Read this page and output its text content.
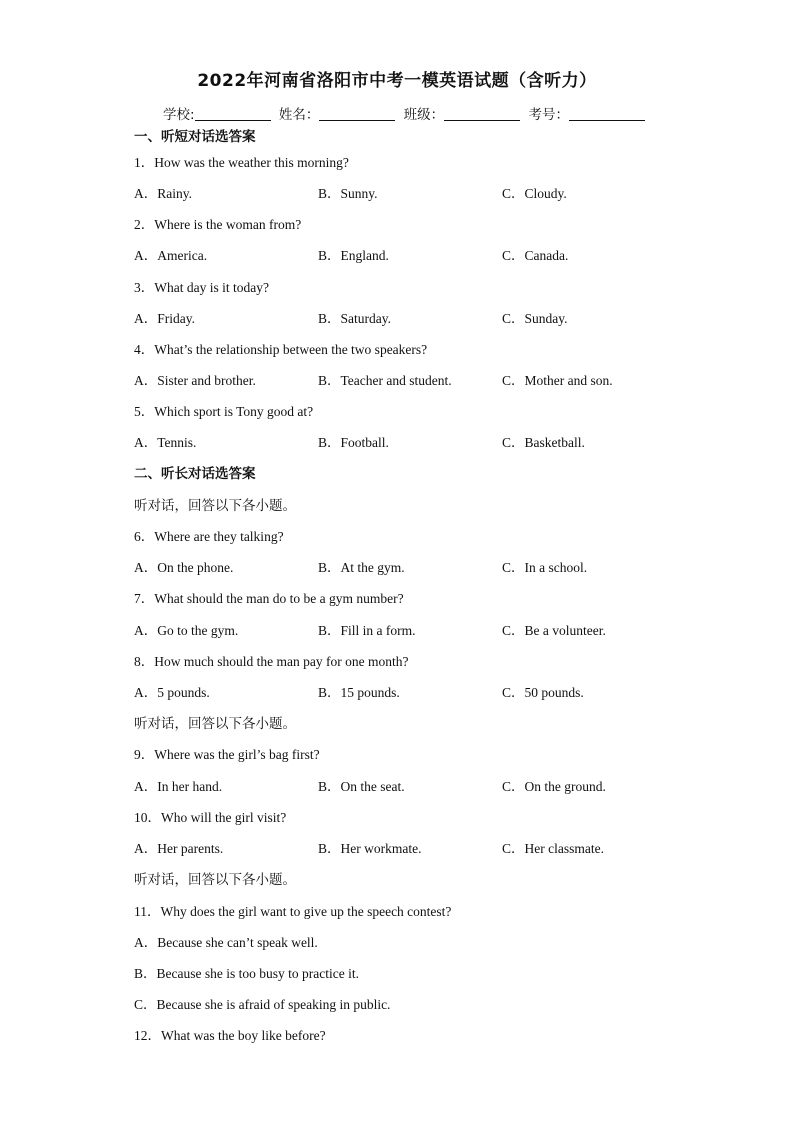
2022年河南省洛阳市中考一模英语试题（含听力）
学校:	姓名：	班级：	考号：
一、听短对话选答案
1．How was the weather this morning?
A．Rainy.	B．Sunny.	C．Cloudy.
2．Where is the woman from?
A．America.	B．England.	C．Canada.
3．What day is it today?
A．Friday.	B．Saturday.	C．Sunday.
4．What’s the relationship between the two speakers?
A．Sister and brother.	B．Teacher and student.	C．Mother and son.
5．Which sport is Tony good at?
A．Tennis.	B．Football.	C．Basketball.
二、听长对话选答案
听对话，回答以下各小题。
6．Where are they talking?
A．On the phone.	B．At the gym.	C．In a school.
7．What should the man do to be a gym number?
A．Go to the gym.	B．Fill in a form.	C．Be a volunteer.
8．How much should the man pay for one month?
A．5 pounds.	B．15 pounds.	C．50 pounds.
听对话，回答以下各小题。
9．Where was the girl’s bag first?
A．In her hand.	B．On the seat.	C．On the ground.
10．Who will the girl visit?
A．Her parents.	B．Her workmate.	C．Her classmate.
听对话，回答以下各小题。
11．Why does the girl want to give up the speech contest?
A．Because she can’t speak well.
B．Because she is too busy to practice it.
C．Because she is afraid of speaking in public.
12．What was the boy like before?
